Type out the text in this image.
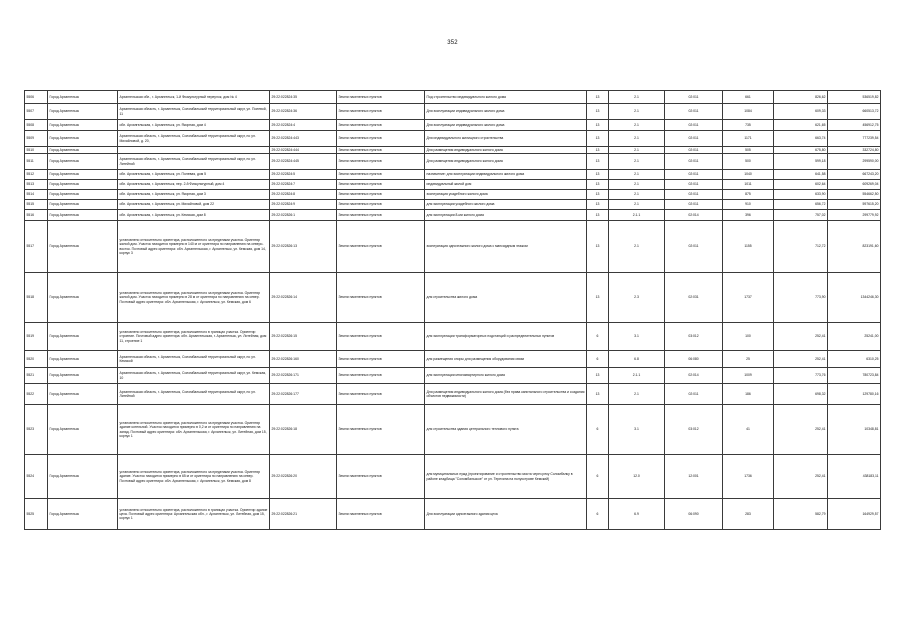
352
5506	Город Архангельск	Архангельская обл., г. Архангельск, 1-й Физкультурный переулок, дом № 4	29:22:022824:35	Земли населенных пунктов	Под строительство индивидуального жилого дома	13	2.1	02:011	661	826,62	536519,82
5507	Город Архангельск	Архангельская область, г. Архангельск, Соломбальский территориальный округ, ул. Полевой, 11	29:22:022824:36	Земли населенных пунктов	Для эксплуатации индивидуального жилого дома	13	2.1	02:011	1084	609,33	660513,72
5508	Город Архангельск	обл. Архангельская, г. Архангельск, ул. Якорная, дом 4	29:22:022824:4	Земли населенных пунктов	Для эксплуатации индивидуального жилого дома	13	2.1	02:011	735	621,65	456912,75
5509	Город Архангельск	Архангельская область, г. Архангельск, Соломбальский территориальный округ, по ул. Михайловой, д. 20,	29:22:022824:443	Земли населенных пунктов	Для индивидуального жилищного строительства	13	2.1	02:011	1171	663,74	777239,54
5510	Город Архангельск		29:22:022824:444	Земли населенных пунктов	Для размещения индивидуального жилого дома	13	2.1	02:011	505	675,80	332724,80
5511	Город Архангельск	Архангельская область, г. Архангельск, Соломбальский территориальный округ, по ул. Литейной	29:22:022824:445	Земли населенных пунктов	Для размещения индивидуального жилого дома	13	2.1	02:011	500	599,18	299590,00
5512	Город Архангельск	обл. Архангельская, г. Архангельск, ул. Полевая, дом 5	29:22:022824:5	Земли населенных пунктов	назначение: для эксплуатации индивидуального жилого дома	13	2.1	02:011	1040	641,58	667243,20
5513	Город Архангельск	обл. Архангельская, г. Архангельск, пер. 2-й Физкультурный, дом 4	29:22:022824:7	Земли населенных пунктов	индивидуальный жилой дом	13	2.1	02:011	1011	602,64	609269,04
5514	Город Архангельск	обл. Архангельская, г. Архангельск, ул. Якорная, дом 3	29:22:022824:8	Земли населенных пунктов	эксплуатация усадебного жилого дома	13	2.1	02:011	875	633,90	554662,50
5515	Город Архангельск	обл. Архангельская, г. Архангельск, ул. Михайловой, дом 22	29:22:022824:9	Земли населенных пунктов	для эксплуатации усадебного жилого дома	13	2.1	02:011	910	656,72	597615,20
5516	Город Архангельск	обл. Архангельская, г. Архангельск, ул. Кемская, дом 8	29:22:022826:1	Земли населенных пунктов	для эксплуатации 8-ми жилого дома	13	2.1.1	02:014	396	757,02	299779,92
5517	Город Архангельск	установлено относительно ориентира, расположенного за пределами участка. Ориентир жилой дом. Участок находится примерно в 140 м от ориентира по направлению на северо-восток. Почтовый адрес ориентира: обл. Архангельская, г. Архангельск, ул. Кемская, дом 14, корпус 3	29:22:022826:13	Земли населенных пунктов	эксплуатация одноэтажного жилого дома с мансардным этажом	13	2.1	02:011	1155	712,72	823191,60
5518	Город Архангельск	установлено относительно ориентира, расположенного за пределами участка. Ориентир жилой дом. Участок находится примерно в 28 м от ориентира по направлению на север. Почтовый адрес ориентира: обл. Архангельская, г. Архангельск, ул. Кемская, дом 6	29:22:022826:14	Земли населенных пунктов	для строительства жилого дома	13	2.3	02:031	1737	773,90	1344246,30
5519	Город Архангельск	установлено относительно ориентира, расположенного в границах участка. Ориентир строение. Почтовый адрес ориентира: обл. Архангельская, г. Архангельск, ул. Литейная, дом 11, строение 1	29:22:022826:15	Земли населенных пунктов	для эксплуатации трансформаторных подстанций и распределительных пунктов	6	3.1	03:012	100	252,41	25241,00
5520	Город Архангельск	Архангельская область, г. Архангельск, Соломбальский территориальный округ, по ул. Кемской	29:22:022826:160	Земли населенных пунктов	для размещения опоры для размещения оборудования связи	6	6.8	06:080	25	252,41	6310,25
5521	Город Архангельск	Архангельская область, г. Архангельск, Соломбальский территориальный округ, ул. Кемская, 10	29:22:022826:171	Земли населенных пунктов	для эксплуатации многоквартирного жилого дома	13	2.1.1	02:014	1009	773,76	780723,84
5522	Город Архангельск	Архангельская область, г. Архангельск, Соломбальский территориальный округ, по ул. Литейной	29:22:022826:177	Земли населенных пунктов	Для размещения индивидуального жилого дома (без права капитального строительства и создания объектов недвижимости)	13	2.1	02:011	186	698,32	129780,16
5523	Город Архангельск	установлено относительно ориентира, расположенного за пределами участка. Ориентир здание котельной. Участок находится примерно в 0,2 м от ориентира по направлению на запад. Почтовый адрес ориентира: обл. Архангельская, г. Архангельск, ул. Литейная, дом 15, корпус 1	29:22:022826:18	Земли населенных пунктов	для строительства здания центрального теплового пункта	6	3.1	03:012	41	252,41	10348,81
5524	Город Архангельск	установлено относительно ориентира, расположенного за пределами участка. Ориентир здание. Участок находится примерно в 65 м от ориентира по направлению на север. Почтовый адрес ориентира: обл. Архангельская, г. Архангельск, ул. Кемская, дом 8	29:22:022826:20	Земли населенных пунктов	для муниципальных нужд (проектирование и строительство моста через реку Соломбалку в районе кладбища "Соломбальское" от ул. Терехина на полуострове Кемский)	6	12.0	12:001	1736	252,41	438183,11
5525	Город Архангельск	установлено относительно ориентира, расположенного в границах участка. Ориентир здание цеха. Почтовый адрес ориентира: Архангельская обл., г. Архангельск, ул. Литейная, дом 15, корпус 1	29:22:022826:21	Земли населенных пунктов	Для эксплуатации одноэтажного здания цеха	6	6.9	06:090	283	582,79	164929,57
